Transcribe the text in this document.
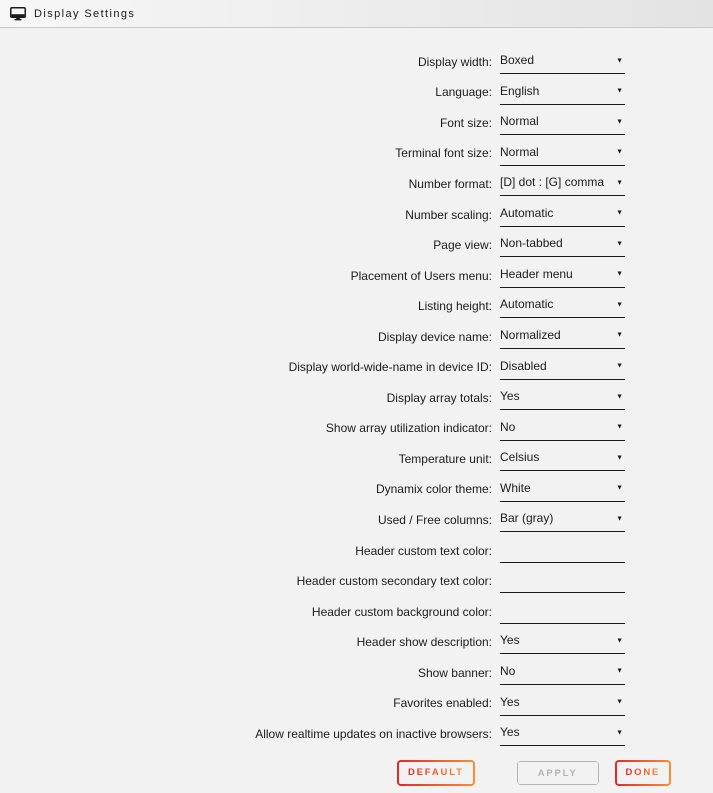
Display Settings
Display width: Boxed	▼
Language: English	▼
Font size: Normal	▼
Terminal font size: Normal	▼
Number format: [D] dot : [G] comma	▼
Number scaling: Automatic	▼
Page view: Non-tabbed	▼
Placement of Users menu: Header menu	▼
Listing height: Automatic	▼
Display device name: Normalized	▼
Display world-wide-name in device ID: Disabled	▼
Display array totals: Yes	▼
Show array utilization indicator: No	▼
Temperature unit: Celsius	▼
Dynamix color theme: White	▼
Used / Free columns: Bar (gray)	▼
Header custom text color:
Header custom secondary text color:
Header custom background color:
Header show description: Yes	▼
Show banner: No	▼
Favorites enabled: Yes	▼
Allow realtime updates on inactive browsers: Yes	▼
DEFAULT	APPLY	DONE
